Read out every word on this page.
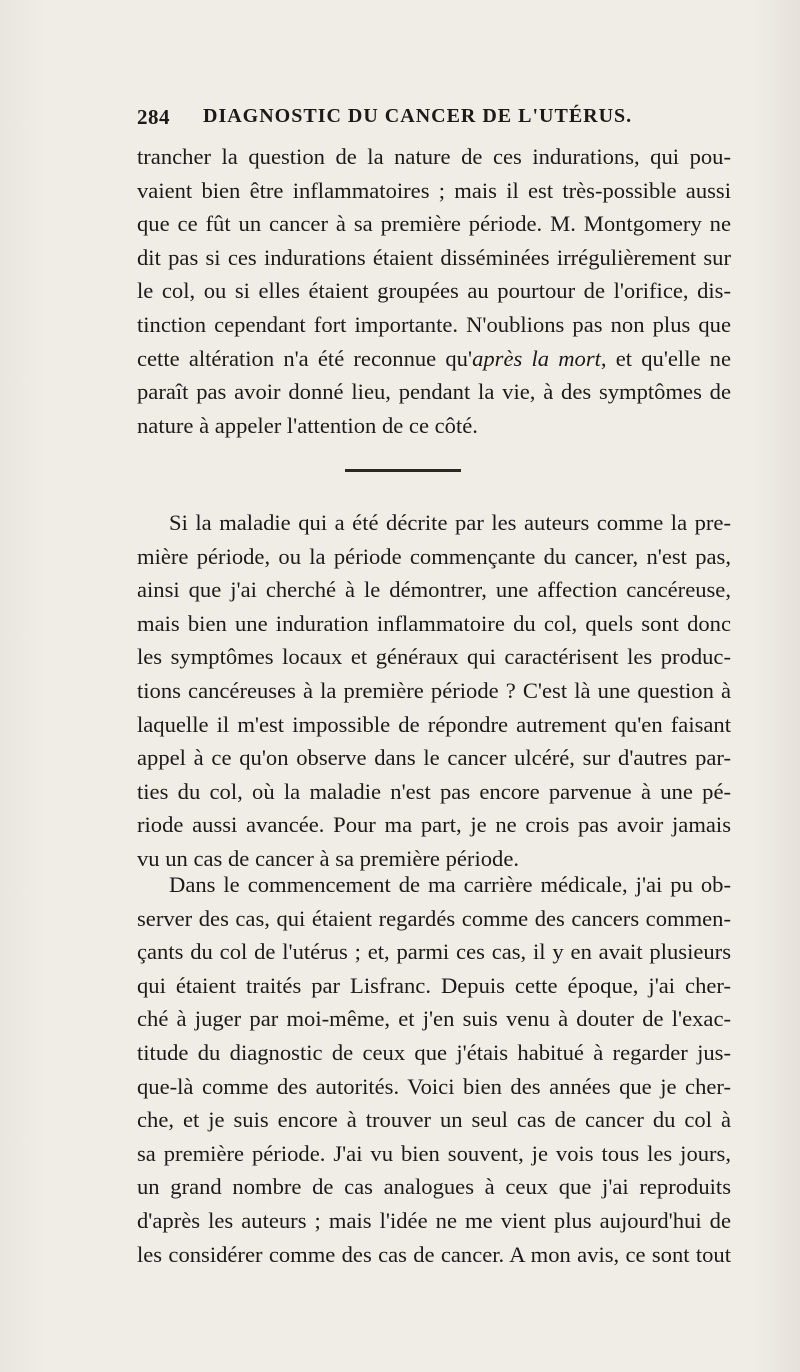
284 DIAGNOSTIC DU CANCER DE L'UTÉRUS.
trancher la question de la nature de ces indurations, qui pou-
vaient bien être inflammatoires ; mais il est très-possible aussi
que ce fût un cancer à sa première période. M. Montgomery ne
dit pas si ces indurations étaient disséminées irrégulièrement sur
le col, ou si elles étaient groupées au pourtour de l'orifice, dis-
tinction cependant fort importante. N'oublions pas non plus que
cette altération n'a été reconnue qu'après la mort, et qu'elle ne
paraît pas avoir donné lieu, pendant la vie, à des symptômes de
nature à appeler l'attention de ce côté.
Si la maladie qui a été décrite par les auteurs comme la pre-
mière période, ou la période commençante du cancer, n'est pas,
ainsi que j'ai cherché à le démontrer, une affection cancéreuse,
mais bien une induration inflammatoire du col, quels sont donc
les symptômes locaux et généraux qui caractérisent les produc-
tions cancéreuses à la première période ? C'est là une question à
laquelle il m'est impossible de répondre autrement qu'en faisant
appel à ce qu'on observe dans le cancer ulcéré, sur d'autres par-
ties du col, où la maladie n'est pas encore parvenue à une pé-
riode aussi avancée. Pour ma part, je ne crois pas avoir jamais
vu un cas de cancer à sa première période.
Dans le commencement de ma carrière médicale, j'ai pu ob-
server des cas, qui étaient regardés comme des cancers commen-
çants du col de l'utérus ; et, parmi ces cas, il y en avait plusieurs
qui étaient traités par Lisfranc. Depuis cette époque, j'ai cher-
ché à juger par moi-même, et j'en suis venu à douter de l'exac-
titude du diagnostic de ceux que j'étais habitué à regarder jus-
que-là comme des autorités. Voici bien des années que je cher-
che, et je suis encore à trouver un seul cas de cancer du col à
sa première période. J'ai vu bien souvent, je vois tous les jours,
un grand nombre de cas analogues à ceux que j'ai reproduits
d'après les auteurs ; mais l'idée ne me vient plus aujourd'hui de
les considérer comme des cas de cancer. A mon avis, ce sont tout
